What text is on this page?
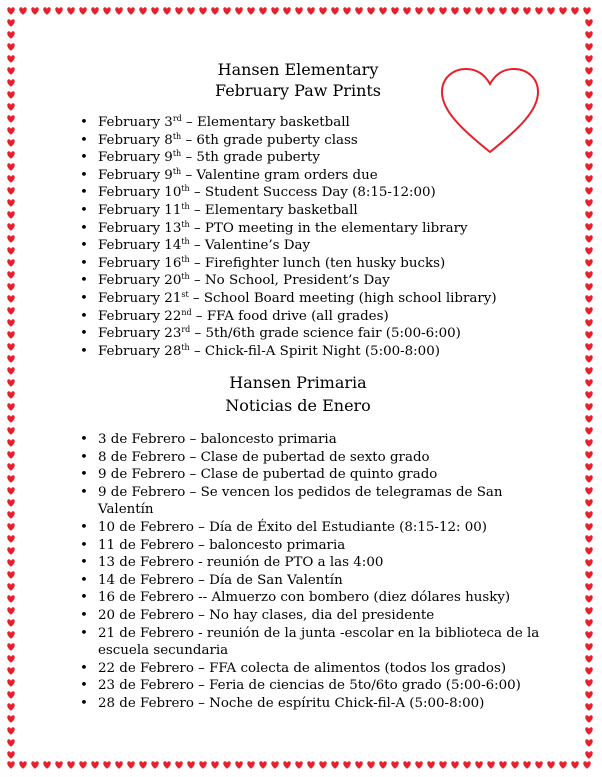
Hansen Elementary
February Paw Prints
• February 3rd – Elementary basketball
• February 8th – 6th grade puberty class
• February 9th – 5th grade puberty
• February 9th – Valentine gram orders due
• February 10th – Student Success Day (8:15-12:00)
• February 11th – Elementary basketball
• February 13th – PTO meeting in the elementary library
• February 14th – Valentine’s Day
• February 16th – Firefighter lunch (ten husky bucks)
• February 20th – No School, President’s Day
• February 21st – School Board meeting (high school library)
• February 22nd – FFA food drive (all grades)
• February 23rd – 5th/6th grade science fair (5:00-6:00)
• February 28th – Chick-fil-A Spirit Night (5:00-8:00)
Hansen Primaria
Noticias de Enero
• 3 de Febrero – baloncesto primaria
• 8 de Febrero – Clase de pubertad de sexto grado
• 9 de Febrero – Clase de pubertad de quinto grado
• 9 de Febrero – Se vencen los pedidos de telegramas de San Valentín
• 10 de Febrero – Día de Éxito del Estudiante (8:15-12: 00)
• 11 de Febrero – baloncesto primaria
• 13 de Febrero - reunión de PTO a las 4:00
• 14 de Febrero – Día de San Valentín
• 16 de Febrero -- Almuerzo con bombero (diez dólares husky)
• 20 de Febrero – No hay clases, dia del presidente
• 21 de Febrero - reunión de la junta -escolar en la biblioteca de la escuela secundaria
• 22 de Febrero – FFA colecta de alimentos (todos los grados)
• 23 de Febrero – Feria de ciencias de 5to/6to grado (5:00-6:00)
• 28 de Febrero – Noche de espíritu Chick-fil-A (5:00-8:00)
